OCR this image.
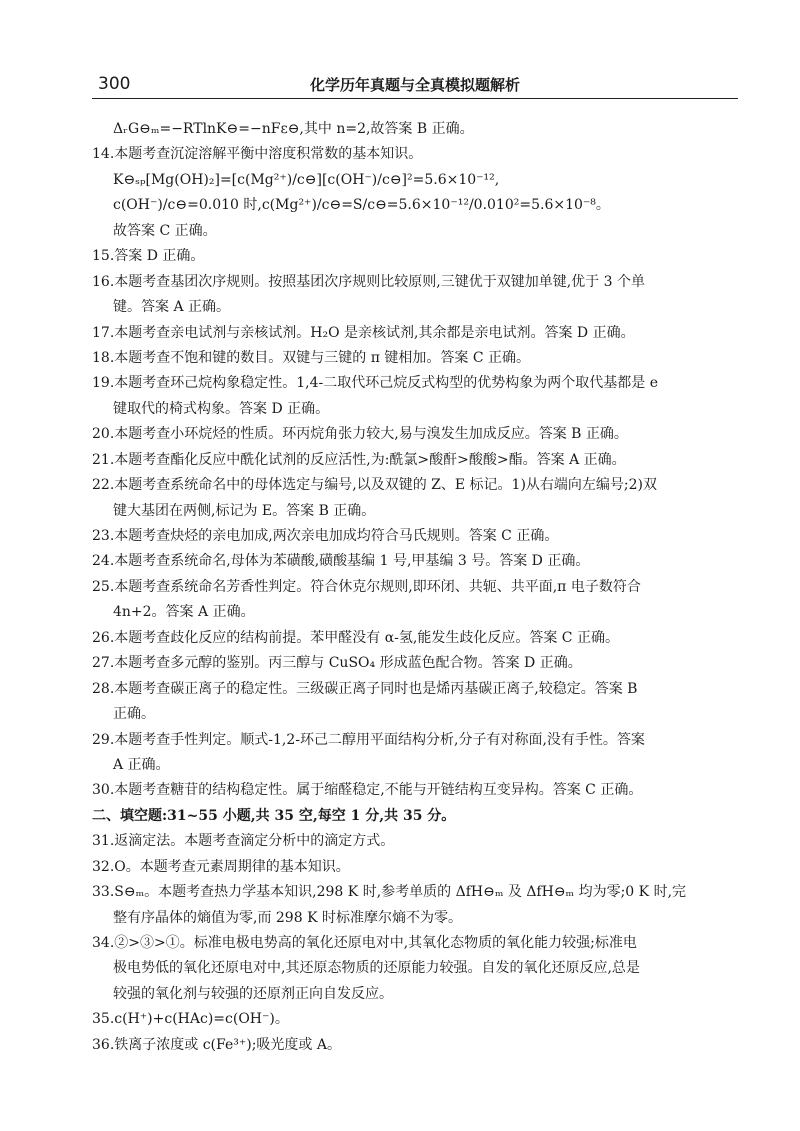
300	化学历年真题与全真模拟题解析
ΔᵣG⊖ₘ=−RTlnK⊖=−nFε⊖,其中 n=2,故答案 B 正确。
14.本题考查沉淀溶解平衡中溶度积常数的基本知识。
K⊖ₛₚ[Mg(OH)₂]=[c(Mg²⁺)/c⊖][c(OH⁻)/c⊖]²=5.6×10⁻¹²,
c(OH⁻)/c⊖=0.010 时,c(Mg²⁺)/c⊖=S/c⊖=5.6×10⁻¹²/0.010²=5.6×10⁻⁸。
故答案 C 正确。
15.答案 D 正确。
16.本题考查基团次序规则。按照基团次序规则比较原则,三键优于双键加单键,优于 3 个单
键。答案 A 正确。
17.本题考查亲电试剂与亲核试剂。H₂O 是亲核试剂,其余都是亲电试剂。答案 D 正确。
18.本题考查不饱和键的数目。双键与三键的 π 键相加。答案 C 正确。
19.本题考查环己烷构象稳定性。1,4-二取代环己烷反式构型的优势构象为两个取代基都是 e
键取代的椅式构象。答案 D 正确。
20.本题考查小环烷烃的性质。环丙烷角张力较大,易与溴发生加成反应。答案 B 正确。
21.本题考查酯化反应中酰化试剂的反应活性,为:酰氯>酸酐>酸酸>酯。答案 A 正确。
22.本题考查系统命名中的母体选定与编号,以及双键的 Z、E 标记。1)从右端向左编号;2)双
键大基团在两侧,标记为 E。答案 B 正确。
23.本题考查炔烃的亲电加成,两次亲电加成均符合马氏规则。答案 C 正确。
24.本题考查系统命名,母体为苯磺酸,磺酸基编 1 号,甲基编 3 号。答案 D 正确。
25.本题考查系统命名芳香性判定。符合休克尔规则,即环闭、共轭、共平面,π 电子数符合
4n+2。答案 A 正确。
26.本题考查歧化反应的结构前提。苯甲醛没有 α-氢,能发生歧化反应。答案 C 正确。
27.本题考查多元醇的鉴别。丙三醇与 CuSO₄ 形成蓝色配合物。答案 D 正确。
28.本题考查碳正离子的稳定性。三级碳正离子同时也是烯丙基碳正离子,较稳定。答案 B
正确。
29.本题考查手性判定。顺式-1,2-环己二醇用平面结构分析,分子有对称面,没有手性。答案
A 正确。
30.本题考查糖苷的结构稳定性。属于缩醛稳定,不能与开链结构互变异构。答案 C 正确。
二、填空题:31~55 小题,共 35 空,每空 1 分,共 35 分。
31.返滴定法。本题考查滴定分析中的滴定方式。
32.O。本题考查元素周期律的基本知识。
33.S⊖ₘ。本题考查热力学基本知识,298 K 时,参考单质的 ΔfH⊖ₘ 及 ΔfH⊖ₘ 均为零;0 K 时,完
整有序晶体的熵值为零,而 298 K 时标准摩尔熵不为零。
34.②>③>①。标准电极电势高的氧化还原电对中,其氧化态物质的氧化能力较强;标准电
极电势低的氧化还原电对中,其还原态物质的还原能力较强。自发的氧化还原反应,总是
较强的氧化剂与较强的还原剂正向自发反应。
35.c(H⁺)+c(HAc)=c(OH⁻)。
36.铁离子浓度或 c(Fe³⁺);吸光度或 A。
